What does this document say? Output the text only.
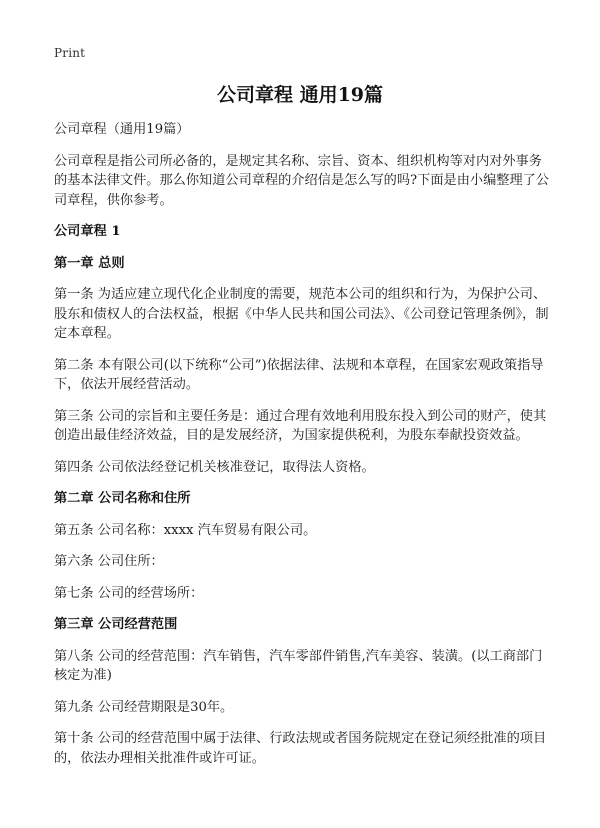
Print
公司章程 通用19篇

公司章程（通用19篇）

公司章程是指公司所必备的，是规定其名称、宗旨、资本、组织机构等对内对外事务的基本法律文件。那么你知道公司章程的介绍信是怎么写的吗?下面是由小编整理了公司章程，供你参考。

公司章程 1

第一章 总则

第一条 为适应建立现代化企业制度的需要，规范本公司的组织和行为，为保护公司、股东和债权人的合法权益，根据《中华人民共和国公司法》、《公司登记管理条例》，制定本章程。

第二条 本有限公司(以下统称“公司”)依据法律、法规和本章程，在国家宏观政策指导下，依法开展经营活动。

第三条 公司的宗旨和主要任务是：通过合理有效地利用股东投入到公司的财产，使其创造出最佳经济效益，目的是发展经济，为国家提供税利，为股东奉献投资效益。

第四条 公司依法经登记机关核准登记，取得法人资格。

第二章 公司名称和住所

第五条 公司名称：xxxx 汽车贸易有限公司。

第六条 公司住所：

第七条 公司的经营场所：

第三章 公司经营范围

第八条 公司的经营范围：汽车销售，汽车零部件销售,汽车美容、装潢。(以工商部门核定为准)

第九条 公司经营期限是30年。

第十条 公司的经营范围中属于法律、行政法规或者国务院规定在登记须经批准的项目的，依法办理相关批准件或许可证。
